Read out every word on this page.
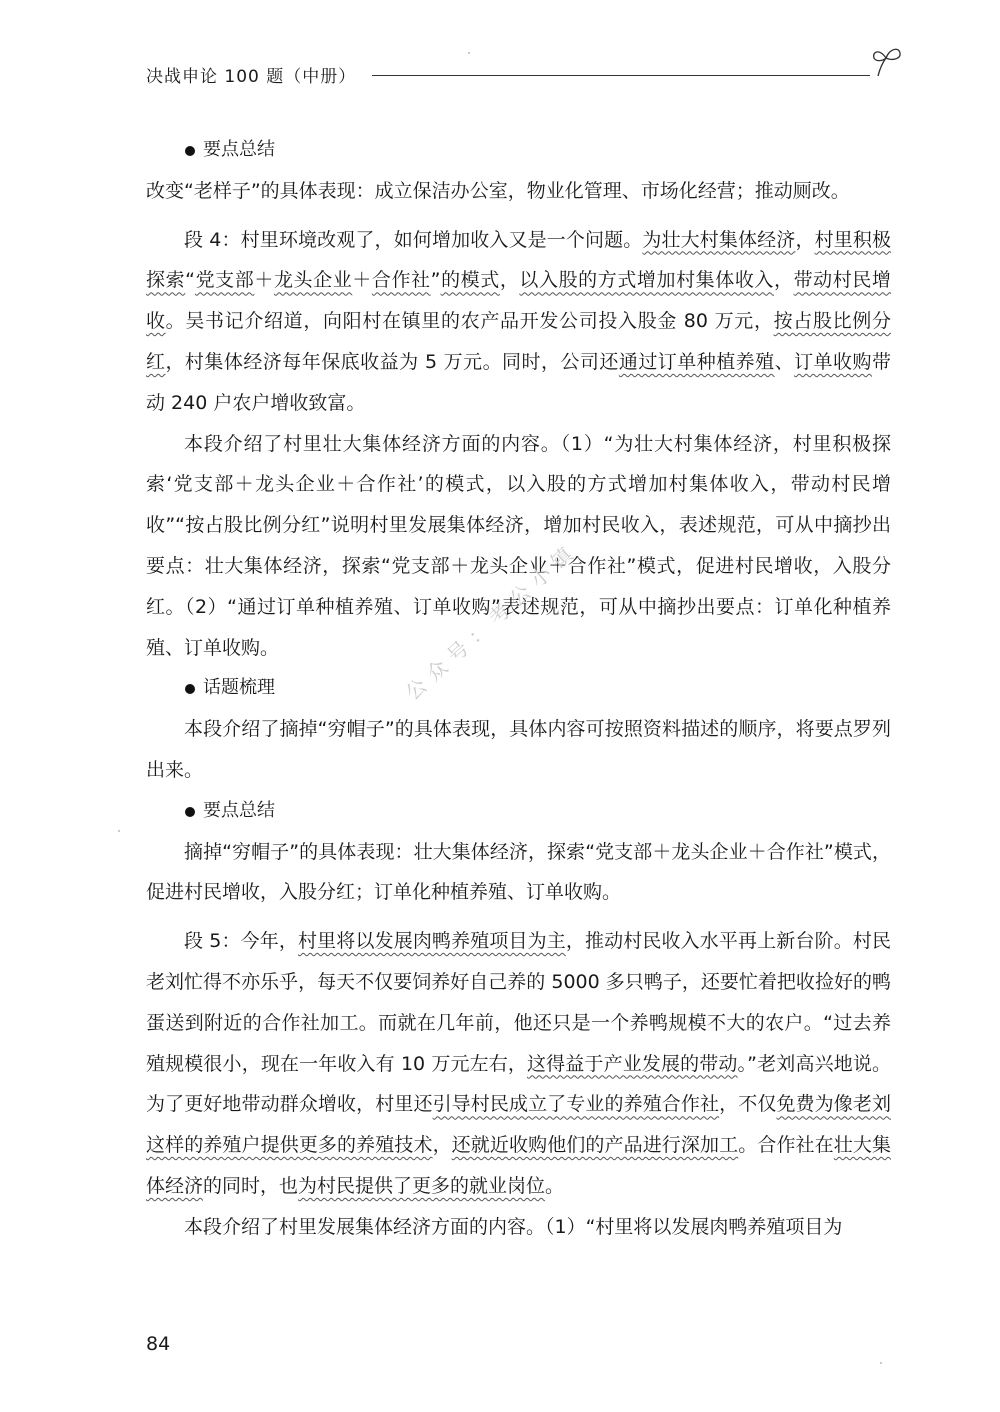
决战申论 100 题（中册）
要点总结

改变“老样子”的具体表现：成立保洁办公室，物业化管理、市场化经营；推动厕改。

段 4：村里环境改观了，如何增加收入又是一个问题。为壮大村集体经济，村里积极探索“党支部＋龙头企业＋合作社”的模式，以入股的方式增加村集体收入，带动村民增收。吴书记介绍道，向阳村在镇里的农产品开发公司投入股金 80 万元，按占股比例分红，村集体经济每年保底收益为 5 万元。同时，公司还通过订单种植养殖、订单收购带动 240 户农户增收致富。

本段介绍了村里壮大集体经济方面的内容。（1）“为壮大村集体经济，村里积极探索‘党支部＋龙头企业＋合作社’的模式，以入股的方式增加村集体收入，带动村民增收”“按占股比例分红”说明村里发展集体经济，增加村民收入，表述规范，可从中摘抄出要点：壮大集体经济，探索“党支部＋龙头企业＋合作社”模式，促进村民增收，入股分红。（2）“通过订单种植养殖、订单收购”表述规范，可从中摘抄出要点：订单化种植养殖、订单收购。

话题梳理

本段介绍了摘掉“穷帽子”的具体表现，具体内容可按照资料描述的顺序，将要点罗列出来。

要点总结

摘掉“穷帽子”的具体表现：壮大集体经济，探索“党支部＋龙头企业＋合作社”模式，促进村民增收，入股分红；订单化种植养殖、订单收购。

段 5：今年，村里将以发展肉鸭养殖项目为主，推动村民收入水平再上新台阶。村民老刘忙得不亦乐乎，每天不仅要饲养好自己养的 5000 多只鸭子，还要忙着把收捡好的鸭蛋送到附近的合作社加工。而就在几年前，他还只是一个养鸭规模不大的农户。“过去养殖规模很小，现在一年收入有 10 万元左右，这得益于产业发展的带动。”老刘高兴地说。为了更好地带动群众增收，村里还引导村民成立了专业的养殖合作社，不仅免费为像老刘这样的养殖户提供更多的养殖技术，还就近收购他们的产品进行深加工。合作社在壮大集体经济的同时，也为村民提供了更多的就业岗位。

本段介绍了村里发展集体经济方面的内容。（1）“村里将以发展肉鸭养殖项目为

公众号：考公小镇
84
